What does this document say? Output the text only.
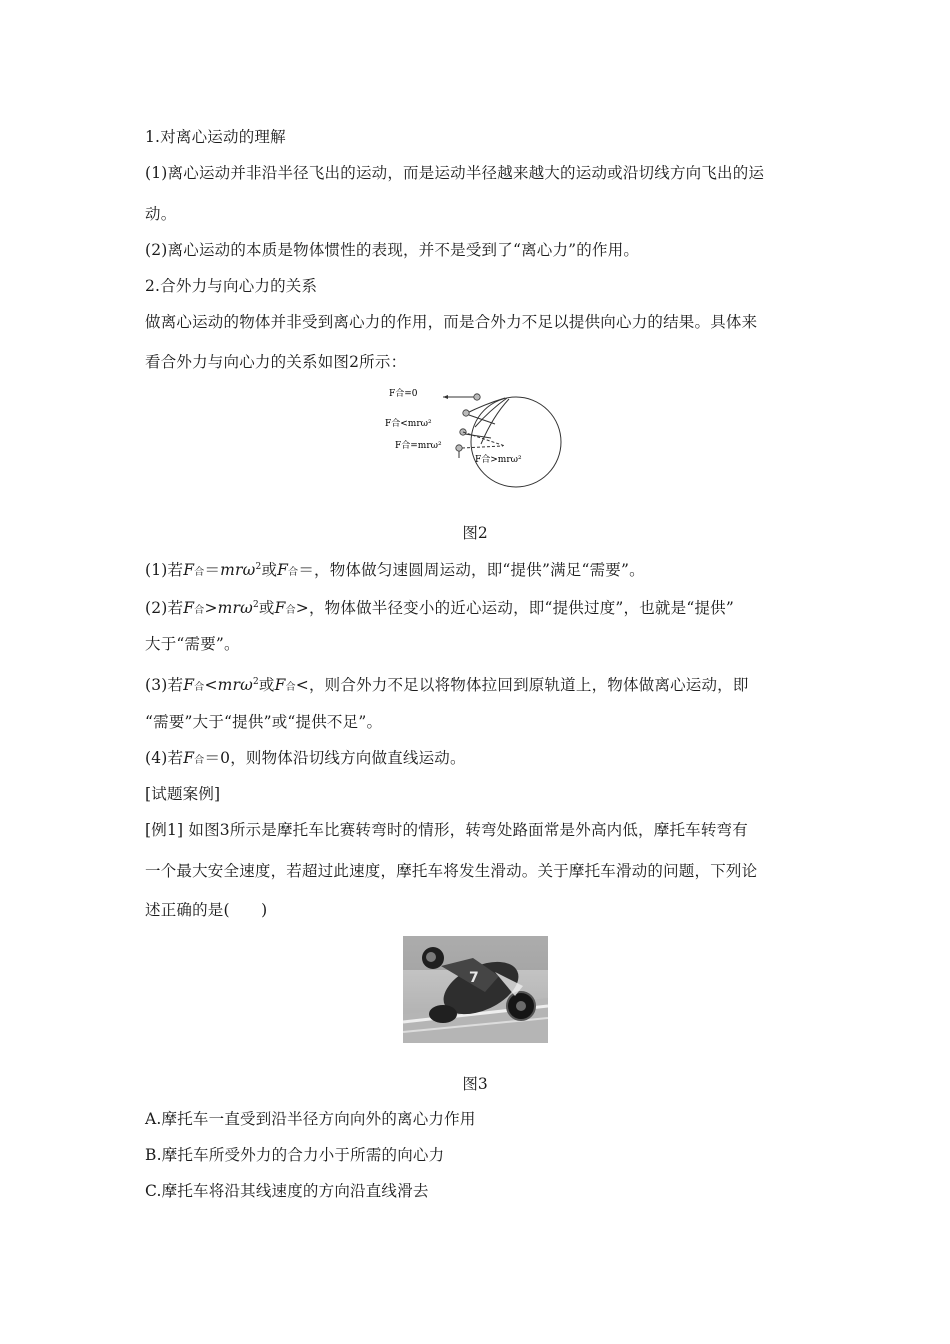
1.对离心运动的理解
(1)离心运动并非沿半径飞出的运动，而是运动半径越来越大的运动或沿切线方向飞出的运
动。
(2)离心运动的本质是物体惯性的表现，并不是受到了“离心力”的作用。
2.合外力与向心力的关系
做离心运动的物体并非受到离心力的作用，而是合外力不足以提供向心力的结果。具体来
看合外力与向心力的关系如图2所示：
F合=0
F合<mrω²
F合=mrω²
F合>mrω²
图2
(1)若F合＝mrω$^2$或F合＝，物体做匀速圆周运动，即“提供”满足“需要”。
(2)若F合>mrω$^2$或F合>，物体做半径变小的近心运动，即“提供过度”，也就是“提供”
大于“需要”。
(3)若F合<mrω$^2$或F合<，则合外力不足以将物体拉回到原轨道上，物体做离心运动，即
“需要”大于“提供”或“提供不足”。
(4)若F合＝0，则物体沿切线方向做直线运动。
[试题案例]
[例1] 如图3所示是摩托车比赛转弯时的情形，转弯处路面常是外高内低，摩托车转弯有
一个最大安全速度，若超过此速度，摩托车将发生滑动。关于摩托车滑动的问题，下列论
述正确的是(　　)
7
图3
A.摩托车一直受到沿半径方向向外的离心力作用
B.摩托车所受外力的合力小于所需的向心力
C.摩托车将沿其线速度的方向沿直线滑去
